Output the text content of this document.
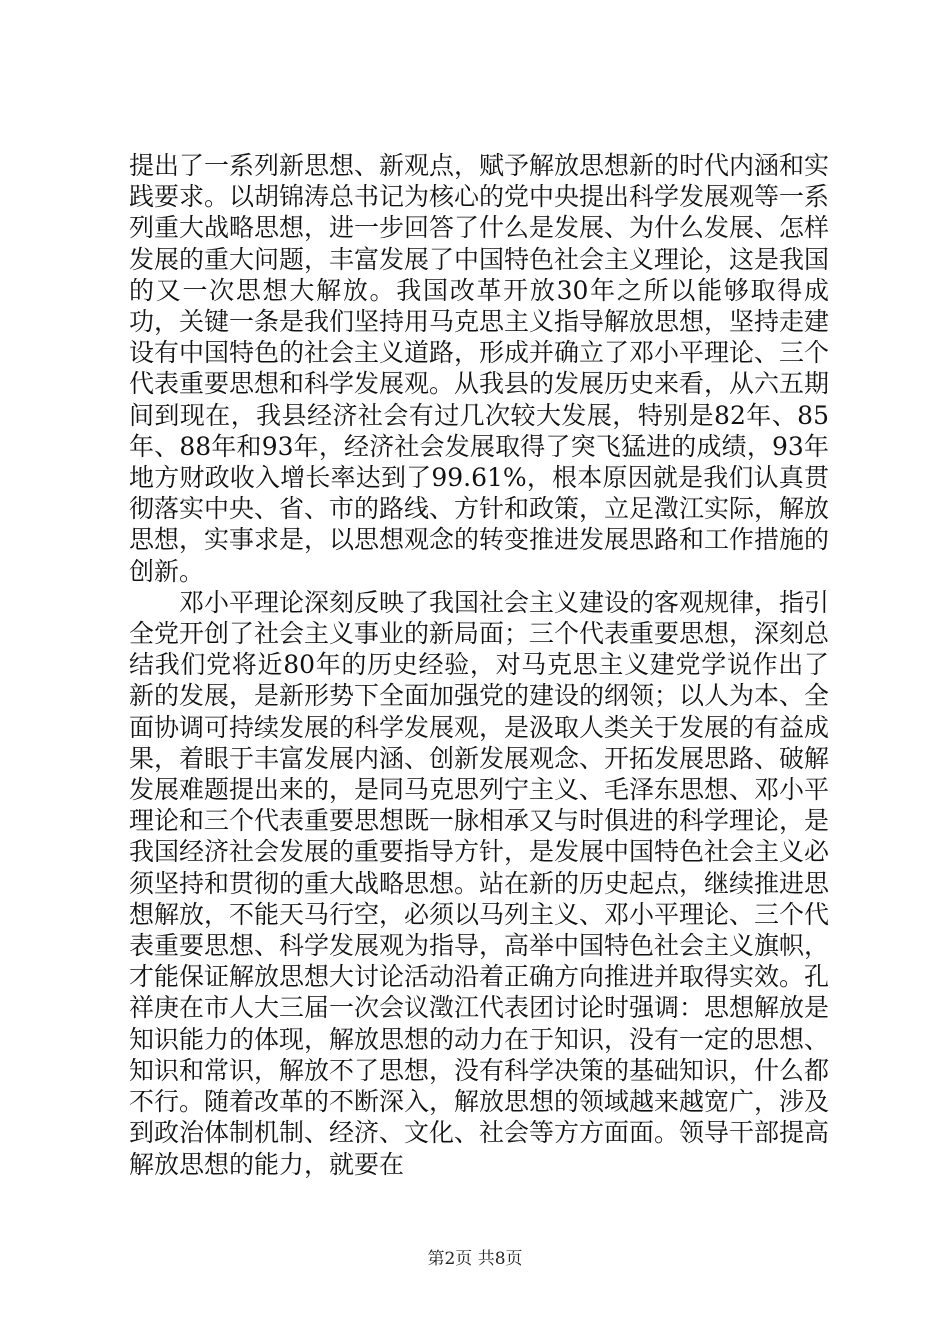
提出了一系列新思想、新观点，赋予解放思想新的时代内涵和实践要求。以胡锦涛总书记为核心的党中央提出科学发展观等一系列重大战略思想，进一步回答了什么是发展、为什么发展、怎样发展的重大问题，丰富发展了中国特色社会主义理论，这是我国的又一次思想大解放。我国改革开放30年之所以能够取得成功，关键一条是我们坚持用马克思主义指导解放思想，坚持走建设有中国特色的社会主义道路，形成并确立了邓小平理论、三个代表重要思想和科学发展观。从我县的发展历史来看，从六五期间到现在，我县经济社会有过几次较大发展，特别是82年、85年、88年和93年，经济社会发展取得了突飞猛进的成绩，93年地方财政收入增长率达到了99.61%，根本原因就是我们认真贯彻落实中央、省、市的路线、方针和政策，立足澂江实际，解放思想，实事求是，以思想观念的转变推进发展思路和工作措施的创新。

邓小平理论深刻反映了我国社会主义建设的客观规律，指引全党开创了社会主义事业的新局面；三个代表重要思想，深刻总结我们党将近80年的历史经验，对马克思主义建党学说作出了新的发展，是新形势下全面加强党的建设的纲领；以人为本、全面协调可持续发展的科学发展观，是汲取人类关于发展的有益成果，着眼于丰富发展内涵、创新发展观念、开拓发展思路、破解发展难题提出来的，是同马克思列宁主义、毛泽东思想、邓小平理论和三个代表重要思想既一脉相承又与时俱进的科学理论，是我国经济社会发展的重要指导方针，是发展中国特色社会主义必须坚持和贯彻的重大战略思想。站在新的历史起点，继续推进思想解放，不能天马行空，必须以马列主义、邓小平理论、三个代表重要思想、科学发展观为指导，高举中国特色社会主义旗帜，才能保证解放思想大讨论活动沿着正确方向推进并取得实效。孔祥庚在市人大三届一次会议澂江代表团讨论时强调：思想解放是知识能力的体现，解放思想的动力在于知识，没有一定的思想、知识和常识，解放不了思想，没有科学决策的基础知识，什么都不行。随着改革的不断深入，解放思想的领域越来越宽广，涉及到政治体制机制、经济、文化、社会等方方面面。领导干部提高解放思想的能力，就要在

第2页 共8页
